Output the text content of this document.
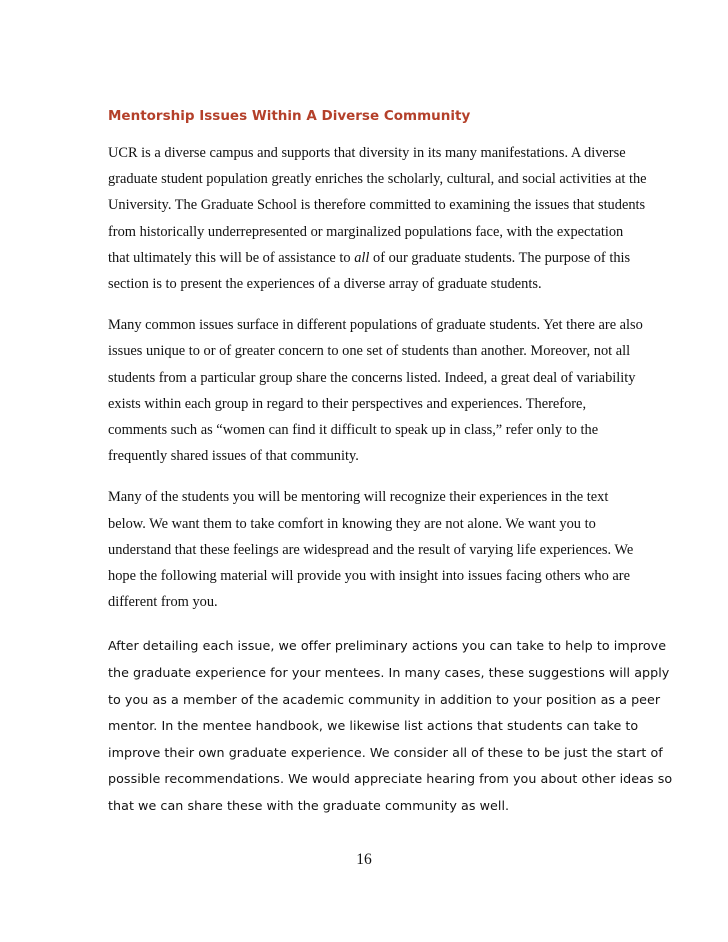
Mentorship Issues Within A Diverse Community

UCR is a diverse campus and supports that diversity in its many manifestations. A diverse
graduate student population greatly enriches the scholarly, cultural, and social activities at the
University. The Graduate School is therefore committed to examining the issues that students
from historically underrepresented or marginalized populations face, with the expectation
that ultimately this will be of assistance to all of our graduate students. The purpose of this
section is to present the experiences of a diverse array of graduate students.

Many common issues surface in different populations of graduate students. Yet there are also
issues unique to or of greater concern to one set of students than another. Moreover, not all
students from a particular group share the concerns listed. Indeed, a great deal of variability
exists within each group in regard to their perspectives and experiences. Therefore,
comments such as “women can find it difficult to speak up in class,” refer only to the
frequently shared issues of that community.

Many of the students you will be mentoring will recognize their experiences in the text
below. We want them to take comfort in knowing they are not alone. We want you to
understand that these feelings are widespread and the result of varying life experiences. We
hope the following material will provide you with insight into issues facing others who are
different from you.

After detailing each issue, we offer preliminary actions you can take to help to improve
the graduate experience for your mentees. In many cases, these suggestions will apply
to you as a member of the academic community in addition to your position as a peer
mentor. In the mentee handbook, we likewise list actions that students can take to
improve their own graduate experience. We consider all of these to be just the start of
possible recommendations. We would appreciate hearing from you about other ideas so
that we can share these with the graduate community as well.

16
